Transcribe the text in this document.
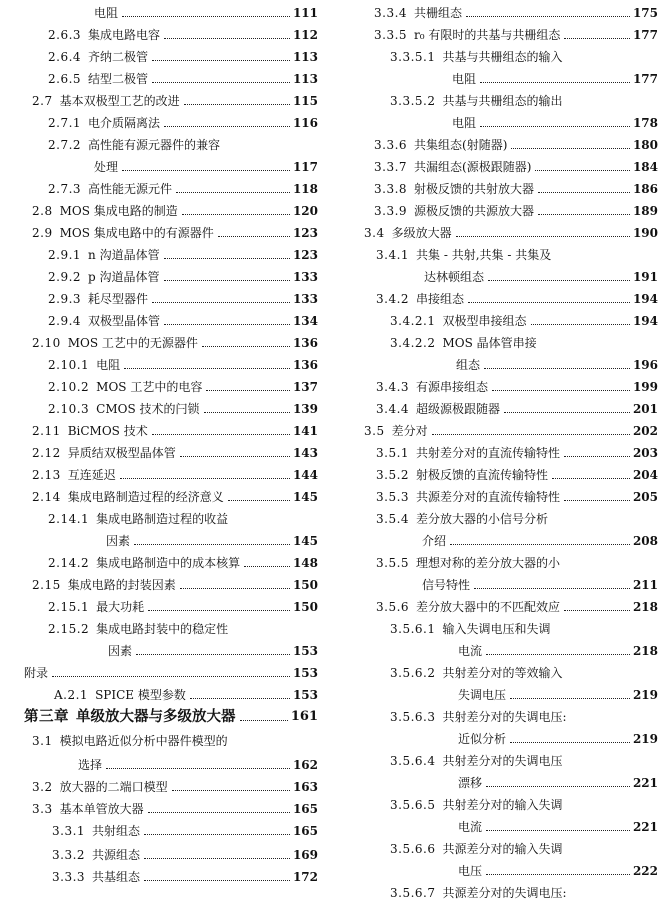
电阻	111
2.6.3 集成电路电容	112
2.6.4 齐纳二极管	113
2.6.5 结型二极管	113
2.7 基本双极型工艺的改进	115
2.7.1 电介质隔离法	116
2.7.2 高性能有源元器件的兼容
处理	117
2.7.3 高性能无源元件	118
2.8 MOS 集成电路的制造	120
2.9 MOS 集成电路中的有源器件	123
2.9.1 n 沟道晶体管	123
2.9.2 p 沟道晶体管	133
2.9.3 耗尽型器件	133
2.9.4 双极型晶体管	134
2.10 MOS 工艺中的无源器件	136
2.10.1 电阻	136
2.10.2 MOS 工艺中的电容	137
2.10.3 CMOS 技术的闩锁	139
2.11 BiCMOS 技术	141
2.12 异质结双极型晶体管	143
2.13 互连延迟	144
2.14 集成电路制造过程的经济意义	145
2.14.1 集成电路制造过程的收益
因素	145
2.14.2 集成电路制造中的成本核算	148
2.15 集成电路的封装因素	150
2.15.1 最大功耗	150
2.15.2 集成电路封装中的稳定性
因素	153
附录	153
A.2.1 SPICE 模型参数	153
第三章 单级放大器与多级放大器	161
3.1 模拟电路近似分析中器件模型的
选择	162
3.2 放大器的二端口模型	163
3.3 基本单管放大器	165
3.3.1 共射组态	165
3.3.2 共源组态	169
3.3.3 共基组态	172
3.3.4 共栅组态	175
3.3.5 r₀ 有限时的共基与共栅组态	177
3.3.5.1 共基与共栅组态的输入
电阻	177
3.3.5.2 共基与共栅组态的输出
电阻	178
3.3.6 共集组态(射随器)	180
3.3.7 共漏组态(源极跟随器)	184
3.3.8 射极反馈的共射放大器	186
3.3.9 源极反馈的共源放大器	189
3.4 多级放大器	190
3.4.1 共集 - 共射,共集 - 共集及
达林顿组态	191
3.4.2 串接组态	194
3.4.2.1 双极型串接组态	194
3.4.2.2 MOS 晶体管串接
组态	196
3.4.3 有源串接组态	199
3.4.4 超级源极跟随器	201
3.5 差分对	202
3.5.1 共射差分对的直流传输特性	203
3.5.2 射极反馈的直流传输特性	204
3.5.3 共源差分对的直流传输特性	205
3.5.4 差分放大器的小信号分析
介绍	208
3.5.5 理想对称的差分放大器的小
信号特性	211
3.5.6 差分放大器中的不匹配效应	218
3.5.6.1 输入失调电压和失调
电流	218
3.5.6.2 共射差分对的等效输入
失调电压	219
3.5.6.3 共射差分对的失调电压:
近似分析	219
3.5.6.4 共射差分对的失调电压
漂移	221
3.5.6.5 共射差分对的输入失调
电流	221
3.5.6.6 共源差分对的输入失调
电压	222
3.5.6.7 共源差分对的失调电压:
